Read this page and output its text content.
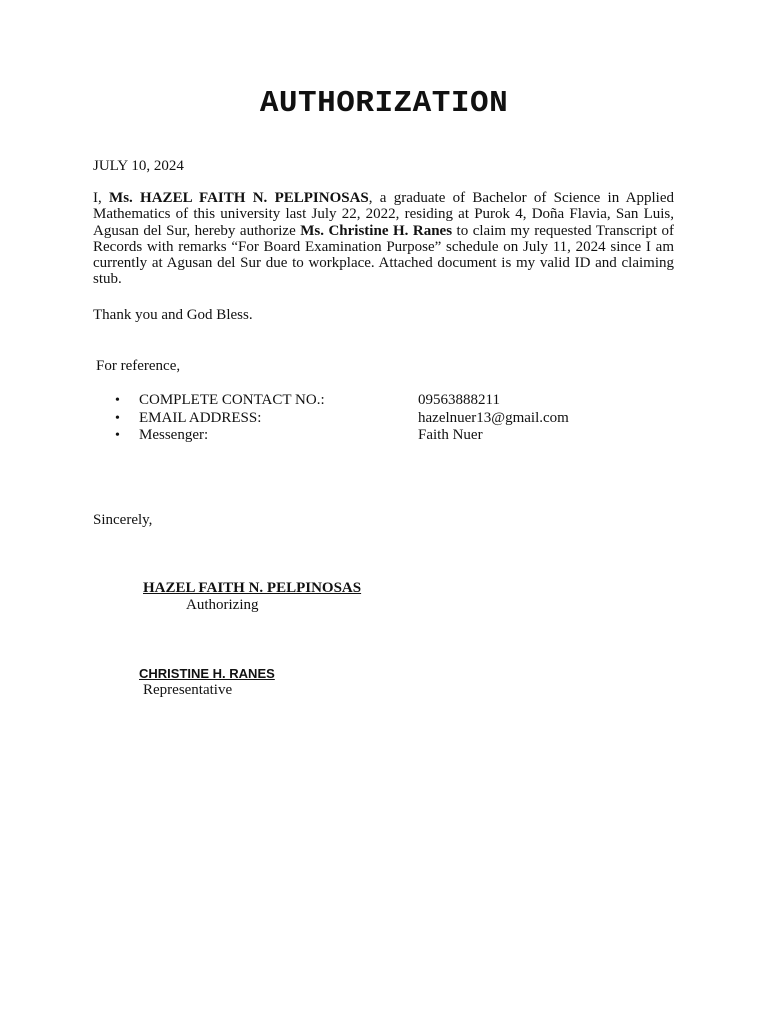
AUTHORIZATION
JULY 10, 2024

I, Ms. HAZEL FAITH N. PELPINOSAS, a graduate of Bachelor of Science in Applied Mathematics of this university last July 22, 2022, residing at Purok 4, Doña Flavia, San Luis, Agusan del Sur, hereby authorize Ms. Christine H. Ranes to claim my requested Transcript of Records with remarks “For Board Examination Purpose” schedule on July 11, 2024 since I am currently at Agusan del Sur due to workplace. Attached document is my valid ID and claiming stub.

Thank you and God Bless.
For reference,
• COMPLETE CONTACT NO.:	09563888211
• EMAIL ADDRESS:	hazelnuer13@gmail.com
• Messenger:	Faith Nuer
Sincerely,
HAZEL FAITH N. PELPINOSAS
Authorizing
CHRISTINE H. RANES
Representative
